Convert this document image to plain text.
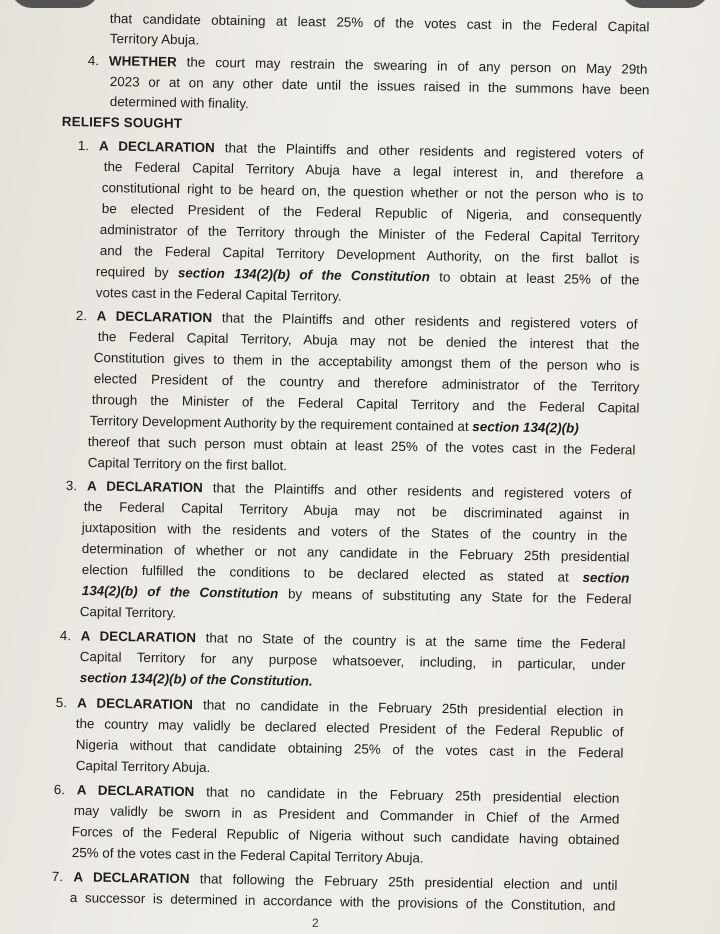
that candidate obtaining at least 25% of the votes cast in the Federal Capital
Territory Abuja.
4. WHETHER the court may restrain the swearing in of any person on May 29th
2023 or at on any other date until the issues raised in the summons have been
determined with finality.
RELIEFS SOUGHT
1. A DECLARATION that the Plaintiffs and other residents and registered voters of
the Federal Capital Territory Abuja have a legal interest in, and therefore a
constitutional right to be heard on, the question whether or not the person who is to
be elected President of the Federal Republic of Nigeria, and consequently
administrator of the Territory through the Minister of the Federal Capital Territory
and the Federal Capital Territory Development Authority, on the first ballot is
required by section 134(2)(b) of the Constitution to obtain at least 25% of the
votes cast in the Federal Capital Territory.
2. A DECLARATION that the Plaintiffs and other residents and registered voters of
the Federal Capital Territory, Abuja may not be denied the interest that the
Constitution gives to them in the acceptability amongst them of the person who is
elected President of the country and therefore administrator of the Territory
through the Minister of the Federal Capital Territory and the Federal Capital
Territory Development Authority by the requirement contained at section 134(2)(b)
thereof that such person must obtain at least 25% of the votes cast in the Federal
Capital Territory on the first ballot.
3. A DECLARATION that the Plaintiffs and other residents and registered voters of
the Federal Capital Territory Abuja may not be discriminated against in
juxtaposition with the residents and voters of the States of the country in the
determination of whether or not any candidate in the February 25th presidential
election fulfilled the conditions to be declared elected as stated at section
134(2)(b) of the Constitution by means of substituting any State for the Federal
Capital Territory.
4. A DECLARATION that no State of the country is at the same time the Federal
Capital Territory for any purpose whatsoever, including, in particular, under
section 134(2)(b) of the Constitution.
5. A DECLARATION that no candidate in the February 25th presidential election in
the country may validly be declared elected President of the Federal Republic of
Nigeria without that candidate obtaining 25% of the votes cast in the Federal
Capital Territory Abuja.
6. A DECLARATION that no candidate in the February 25th presidential election
may validly be sworn in as President and Commander in Chief of the Armed
Forces of the Federal Republic of Nigeria without such candidate having obtained
25% of the votes cast in the Federal Capital Territory Abuja.
7. A DECLARATION that following the February 25th presidential election and until
a successor is determined in accordance with the provisions of the Constitution, and
2
